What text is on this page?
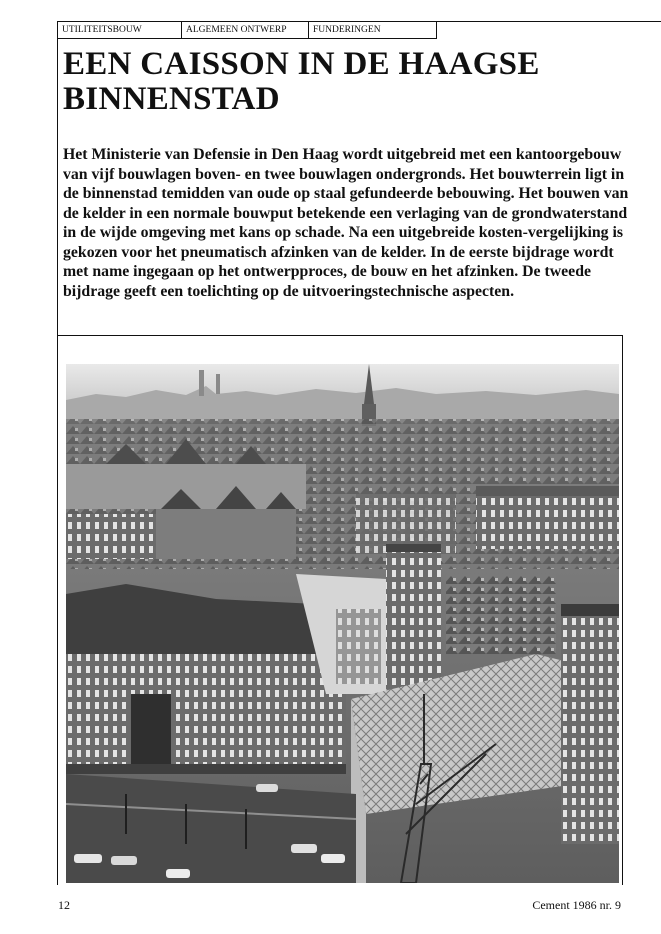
UTILITEITSBOUW	ALGEMEEN ONTWERP	FUNDERINGEN
EEN CAISSON IN DE HAAGSE BINNENSTAD

Het Ministerie van Defensie in Den Haag wordt uitgebreid met een kantoorgebouw van vijf bouwlagen boven- en twee bouwlagen ondergronds. Het bouwterrein ligt in de binnenstad temidden van oude op staal gefundeerde bebouwing. Het bouwen van de kelder in een normale bouwput betekende een verlaging van de grondwaterstand in de wijde omgeving met kans op schade. Na een uitgebreide kosten-vergelijking is gekozen voor het pneumatisch afzinken van de kelder. In de eerste bijdrage wordt met name ingegaan op het ontwerpproces, de bouw en het afzinken. De tweede bijdrage geeft een toelichting op de uitvoeringstechnische aspecten.

12	Cement 1986 nr. 9
